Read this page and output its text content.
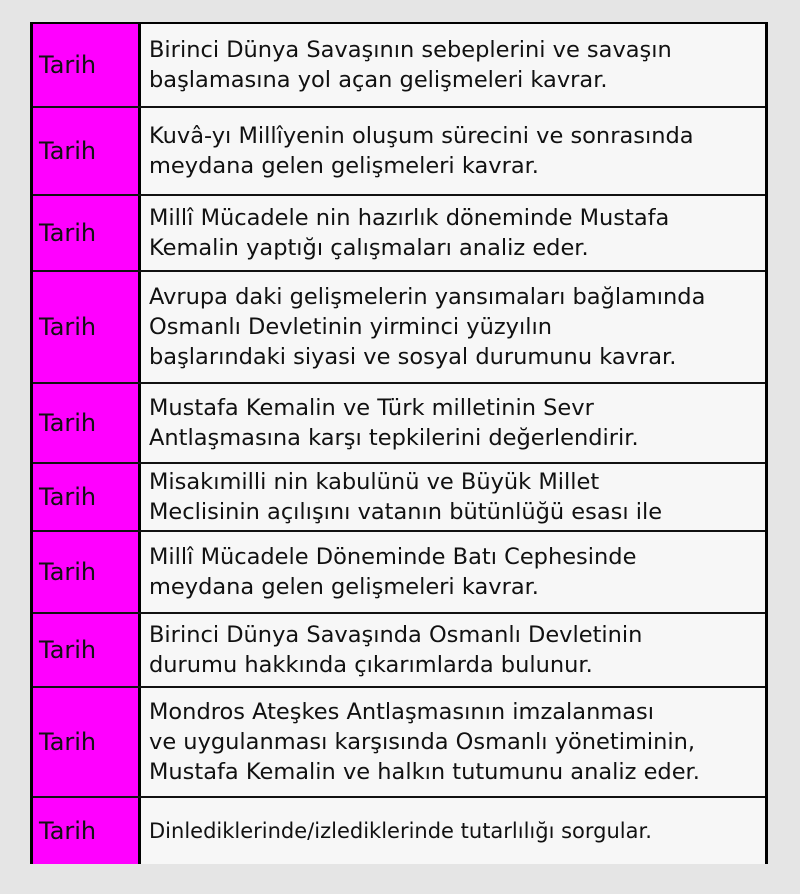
Tarih
Birinci Dünya Savaşının sebeplerini ve savaşın
başlamasına yol açan gelişmeleri kavrar.
Tarih
Kuvâ-yı Millîyenin oluşum sürecini ve sonrasında
meydana gelen gelişmeleri kavrar.
Tarih
Millî Mücadele nin hazırlık döneminde Mustafa
Kemalin yaptığı çalışmaları analiz eder.
Tarih
Avrupa daki gelişmelerin yansımaları bağlamında
Osmanlı Devletinin yirminci yüzyılın
başlarındaki siyasi ve sosyal durumunu kavrar.
Tarih
Mustafa Kemalin ve Türk milletinin Sevr
Antlaşmasına karşı tepkilerini değerlendirir.
Tarih
Misakımilli nin kabulünü ve Büyük Millet
Meclisinin açılışını vatanın bütünlüğü esası ile
Tarih
Millî Mücadele Döneminde Batı Cephesinde
meydana gelen gelişmeleri kavrar.
Tarih
Birinci Dünya Savaşında Osmanlı Devletinin
durumu hakkında çıkarımlarda bulunur.
Tarih
Mondros Ateşkes Antlaşmasının imzalanması
ve uygulanması karşısında Osmanlı yönetiminin,
Mustafa Kemalin ve halkın tutumunu analiz eder.
Tarih	Dinlediklerinde/izlediklerinde tutarlılığı sorgular.
